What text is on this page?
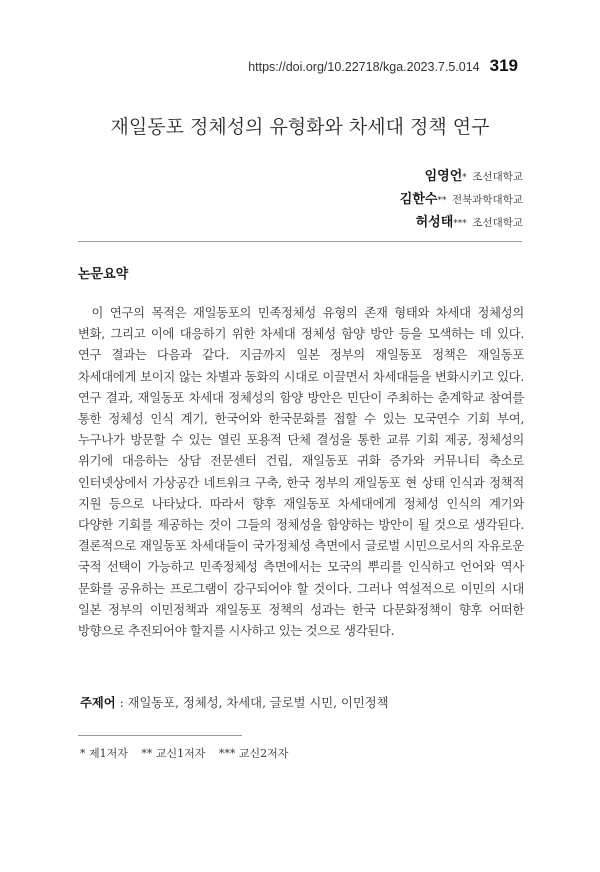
https://doi.org/10.22718/kga.2023.7.5.014 319
재일동포 정체성의 유형화와 차세대 정책 연구
임영언* 조선대학교
김한수** 전북과학대학교
허성태*** 조선대학교
논문요약

이 연구의 목적은 재일동포의 민족정체성 유형의 존재 형태와 차세대 정체성의 변화, 그리고 이에 대응하기 위한 차세대 정체성 함양 방안 등을 모색하는 데 있다. 연구 결과는 다음과 같다. 지금까지 일본 정부의 재일동포 정책은 재일동포 차세대에게 보이지 않는 차별과 동화의 시대로 이끌면서 차세대들을 변화시키고 있다. 연구 결과, 재일동포 차세대 정체성의 함양 방안은 민단이 주최하는 춘계학교 참여를 통한 정체성 인식 계기, 한국어와 한국문화를 접할 수 있는 모국연수 기회 부여, 누구나가 방문할 수 있는 열린 포용적 단체 결성을 통한 교류 기회 제공, 정체성의 위기에 대응하는 상담 전문센터 건립, 재일동포 귀화 증가와 커뮤니티 축소로 인터넷상에서 가상공간 네트워크 구축, 한국 정부의 재일동포 현 상태 인식과 정책적 지원 등으로 나타났다. 따라서 향후 재일동포 차세대에게 정체성 인식의 계기와 다양한 기회를 제공하는 것이 그들의 정체성을 함양하는 방안이 될 것으로 생각된다. 결론적으로 재일동포 차세대들이 국가정체성 측면에서 글로벌 시민으로서의 자유로운 국적 선택이 가능하고 민족정체성 측면에서는 모국의 뿌리를 인식하고 언어와 역사 문화를 공유하는 프로그램이 강구되어야 할 것이다. 그러나 역설적으로 이민의 시대 일본 정부의 이민정책과 재일동포 정책의 성과는 한국 다문화정책이 향후 어떠한 방향으로 추진되어야 할지를 시사하고 있는 것으로 생각된다.

주제어 : 재일동포, 정체성, 차세대, 글로벌 시민, 이민정책
* 제1저자 ** 교신1저자 *** 교신2저자
